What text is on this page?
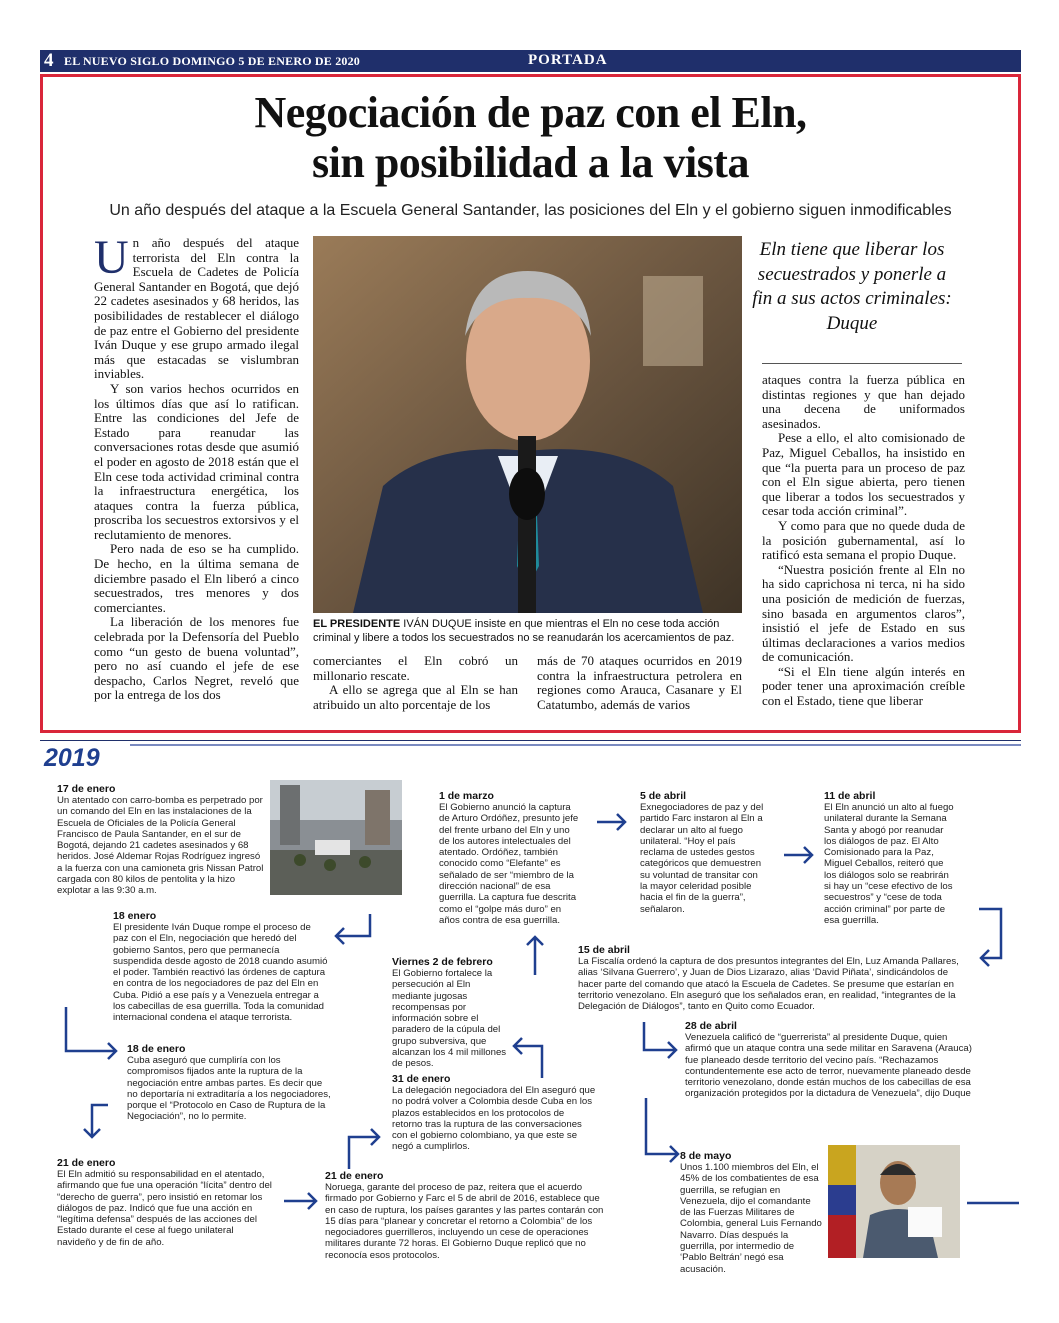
4 EL NUEVO SIGLO DOMINGO 5 DE ENERO DE 2020	PORTADA
Negociación de paz con el Eln,
sin posibilidad a la vista
Un año después del ataque a la Escuela General Santander, las posiciones del Eln y el gobierno siguen inmodificables

Un año después del ataque terrorista del Eln contra la Escuela de Cadetes de Policía General Santander en Bogotá, que dejó 22 cadetes asesinados y 68 heridos, las posibilidades de restablecer el diálogo de paz entre el Gobierno del presidente Iván Duque y ese grupo armado ilegal más que estacadas se vislumbran inviables.

Y son varios hechos ocurridos en los últimos días que así lo ratifican. Entre las condiciones del Jefe de Estado para reanudar las conversaciones rotas desde que asumió el poder en agosto de 2018 están que el Eln cese toda actividad criminal contra la infraestructura energética, los ataques contra la fuerza pública, proscriba los secuestros extorsivos y el reclutamiento de menores.

Pero nada de eso se ha cumplido. De hecho, en la última semana de diciembre pasado el Eln liberó a cinco secuestrados, tres menores y dos comerciantes.

La liberación de los menores fue celebrada por la Defensoría del Pueblo como “un gesto de buena voluntad”, pero no así cuando el jefe de ese despacho, Carlos Negret, reveló que por la entrega de los dos

EL PRESIDENTE IVÁN DUQUE insiste en que mientras el Eln no cese toda acción criminal y libere a todos los secuestrados no se reanudarán los acercamientos de paz.

comerciantes el Eln cobró un millonario rescate.

A ello se agrega que al Eln se han atribuido un alto porcentaje de los

más de 70 ataques ocurridos en 2019 contra la infraestructura petrolera en regiones como Arauca, Casanare y El Catatumbo, además de varios

Eln tiene que liberar los secuestrados y ponerle a fin a sus actos criminales: Duque

ataques contra la fuerza pública en distintas regiones y que han dejado una decena de uniformados asesinados.

Pese a ello, el alto comisionado de Paz, Miguel Ceballos, ha insistido en que “la puerta para un proceso de paz con el Eln sigue abierta, pero tienen que liberar a todos los secuestrados y cesar toda acción criminal”.

Y como para que no quede duda de la posición gubernamental, así lo ratificó esta semana el propio Duque.

“Nuestra posición frente al Eln no ha sido caprichosa ni terca, ni ha sido una posición de medición de fuerzas, sino basada en argumentos claros”, insistió el jefe de Estado en sus últimas declaraciones a varios medios de comunicación.

“Si el Eln tiene algún interés en poder tener una aproximación creíble con el Estado, tiene que liberar

2019
17 de enero
Un atentado con carro-bomba es perpetrado por un comando del Eln en las instalaciones de la Escuela de Oficiales de la Policía General Francisco de Paula Santander, en el sur de Bogotá, dejando 21 cadetes asesinados y 68 heridos. José Aldemar Rojas Rodríguez ingresó a la fuerza con una camioneta gris Nissan Patrol cargada con 80 kilos de pentolita y la hizo explotar a las 9:30 a.m.
18 enero
El presidente Iván Duque rompe el proceso de paz con el Eln, negociación que heredó del gobierno Santos, pero que permanecía suspendida desde agosto de 2018 cuando asumió el poder. También reactivó las órdenes de captura en contra de los negociadores de paz del Eln en Cuba. Pidió a ese país y a Venezuela entregar a los cabecillas de esa guerrilla. Toda la comunidad internacional condena el ataque terrorista.
18 de enero
Cuba aseguró que cumpliría con los compromisos fijados ante la ruptura de la negociación entre ambas partes. Es decir que no deportaría ni extraditaría a los negociadores, porque el “Protocolo en Caso de Ruptura de la Negociación”, no lo permite.
21 de enero
El Eln admitió su responsabilidad en el atentado, afirmando que fue una operación “lícita” dentro del “derecho de guerra”, pero insistió en retomar los diálogos de paz. Indicó que fue una acción en “legítima defensa” después de las acciones del Estado durante el cese al fuego unilateral navideño y de fin de año.
21 de enero
Noruega, garante del proceso de paz, reitera que el acuerdo firmado por Gobierno y Farc el 5 de abril de 2016, establece que en caso de ruptura, los países garantes y las partes contarán con 15 días para “planear y concretar el retorno a Colombia” de los negociadores guerrilleros, incluyendo un cese de operaciones militares durante 72 horas. El Gobierno Duque replicó que no reconocía esos protocolos.
31 de enero
La delegación negociadora del Eln aseguró que no podrá volver a Colombia desde Cuba en los plazos establecidos en los protocolos de retorno tras la ruptura de las conversaciones con el gobierno colombiano, ya que este se negó a cumplirlos.
Viernes 2 de febrero
El Gobierno fortalece la persecución al Eln mediante jugosas recompensas por información sobre el paradero de la cúpula del grupo subversiva, que alcanzan los 4 mil millones de pesos.
1 de marzo
El Gobierno anunció la captura de Arturo Ordóñez, presunto jefe del frente urbano del Eln y uno de los autores intelectuales del atentado. Ordóñez, también conocido como “Elefante” es señalado de ser “miembro de la dirección nacional” de esa guerrilla. La captura fue descrita como el “golpe más duro” en años contra de esa guerrilla.
5 de abril
Exnegociadores de paz y del partido Farc instaron al Eln a declarar un alto al fuego unilateral. “Hoy el país reclama de ustedes gestos categóricos que demuestren su voluntad de transitar con la mayor celeridad posible hacia el fin de la guerra”, señalaron.
11 de abril
El Eln anunció un alto al fuego unilateral durante la Semana Santa y abogó por reanudar los diálogos de paz. El Alto Comisionado para la Paz, Miguel Ceballos, reiteró que los diálogos solo se reabrirán si hay un “cese efectivo de los secuestros” y “cese de toda acción criminal” por parte de esa guerrilla.
15 de abril
La Fiscalía ordenó la captura de dos presuntos integrantes del Eln, Luz Amanda Pallares, alias ‘Silvana Guerrero’, y Juan de Dios Lizarazo, alias ‘David Piñata’, sindicándolos de hacer parte del comando que atacó la Escuela de Cadetes. Se presume que estarían en territorio venezolano. Eln aseguró que los señalados eran, en realidad, “integrantes de la Delegación de Diálogos”, tanto en Quito como Ecuador.
28 de abril
Venezuela calificó de “guerrerista” al presidente Duque, quien afirmó que un ataque contra una sede militar en Saravena (Arauca) fue planeado desde territorio del vecino país. “Rechazamos contundentemente ese acto de terror, nuevamente planeado desde territorio venezolano, donde están muchos de los cabecillas de esa organización protegidos por la dictadura de Venezuela”, dijo Duque
8 de mayo
Unos 1.100 miembros del Eln, el 45% de los combatientes de esa guerrilla, se refugian en Venezuela, dijo el comandante de las Fuerzas Militares de Colombia, general Luis Fernando Navarro. Días después la guerrilla, por intermedio de ‘Pablo Beltrán’ negó esa acusación.
